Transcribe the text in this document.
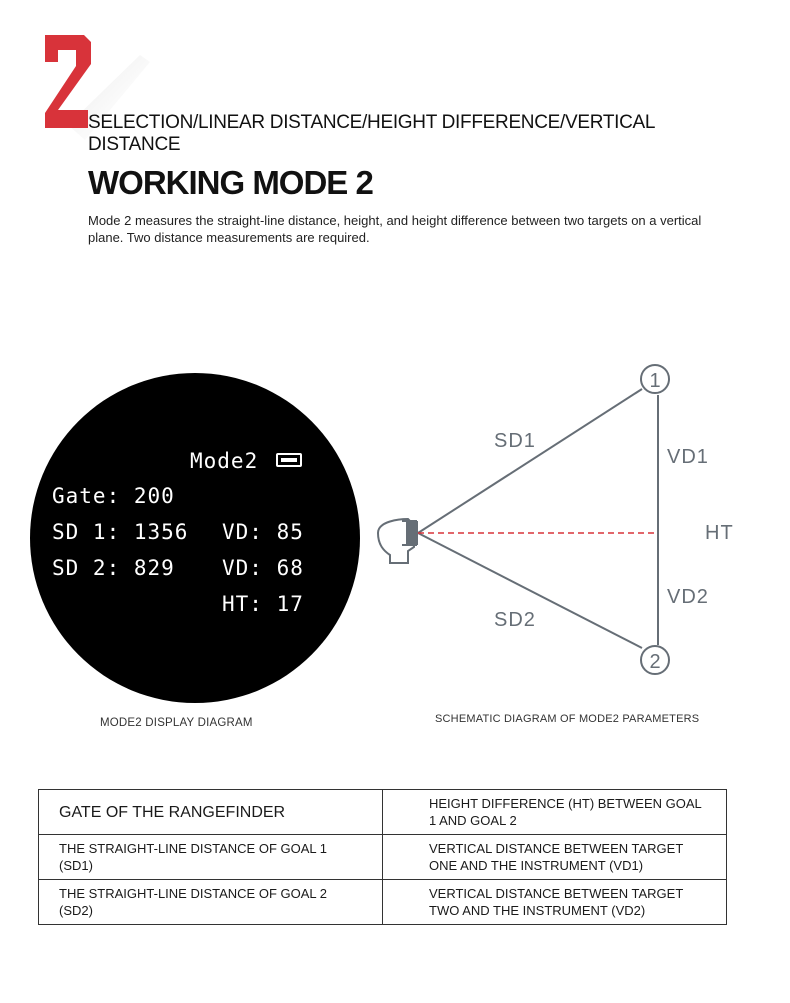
SELECTION/LINEAR DISTANCE/HEIGHT DIFFERENCE/VERTICAL DISTANCE

WORKING MODE 2

Mode 2 measures the straight-line distance, height, and height difference between two targets on a vertical plane. Two distance measurements are required.

Mode2
Gate: 200
SD 1: 1356 VD: 85
SD 2: 829 VD: 68
HT: 17
MODE2 DISPLAY DIAGRAM
1
2
SD1
SD2
VD1
VD2
HT
SCHEMATIC DIAGRAM OF MODE2 PARAMETERS
GATE OF THE RANGEFINDER	HEIGHT DIFFERENCE (HT) BETWEEN GOAL 1 AND GOAL 2
THE STRAIGHT-LINE DISTANCE OF GOAL 1 (SD1)	VERTICAL DISTANCE BETWEEN TARGET ONE AND THE INSTRUMENT (VD1)
THE STRAIGHT-LINE DISTANCE OF GOAL 2 (SD2)	VERTICAL DISTANCE BETWEEN TARGET TWO AND THE INSTRUMENT (VD2)
